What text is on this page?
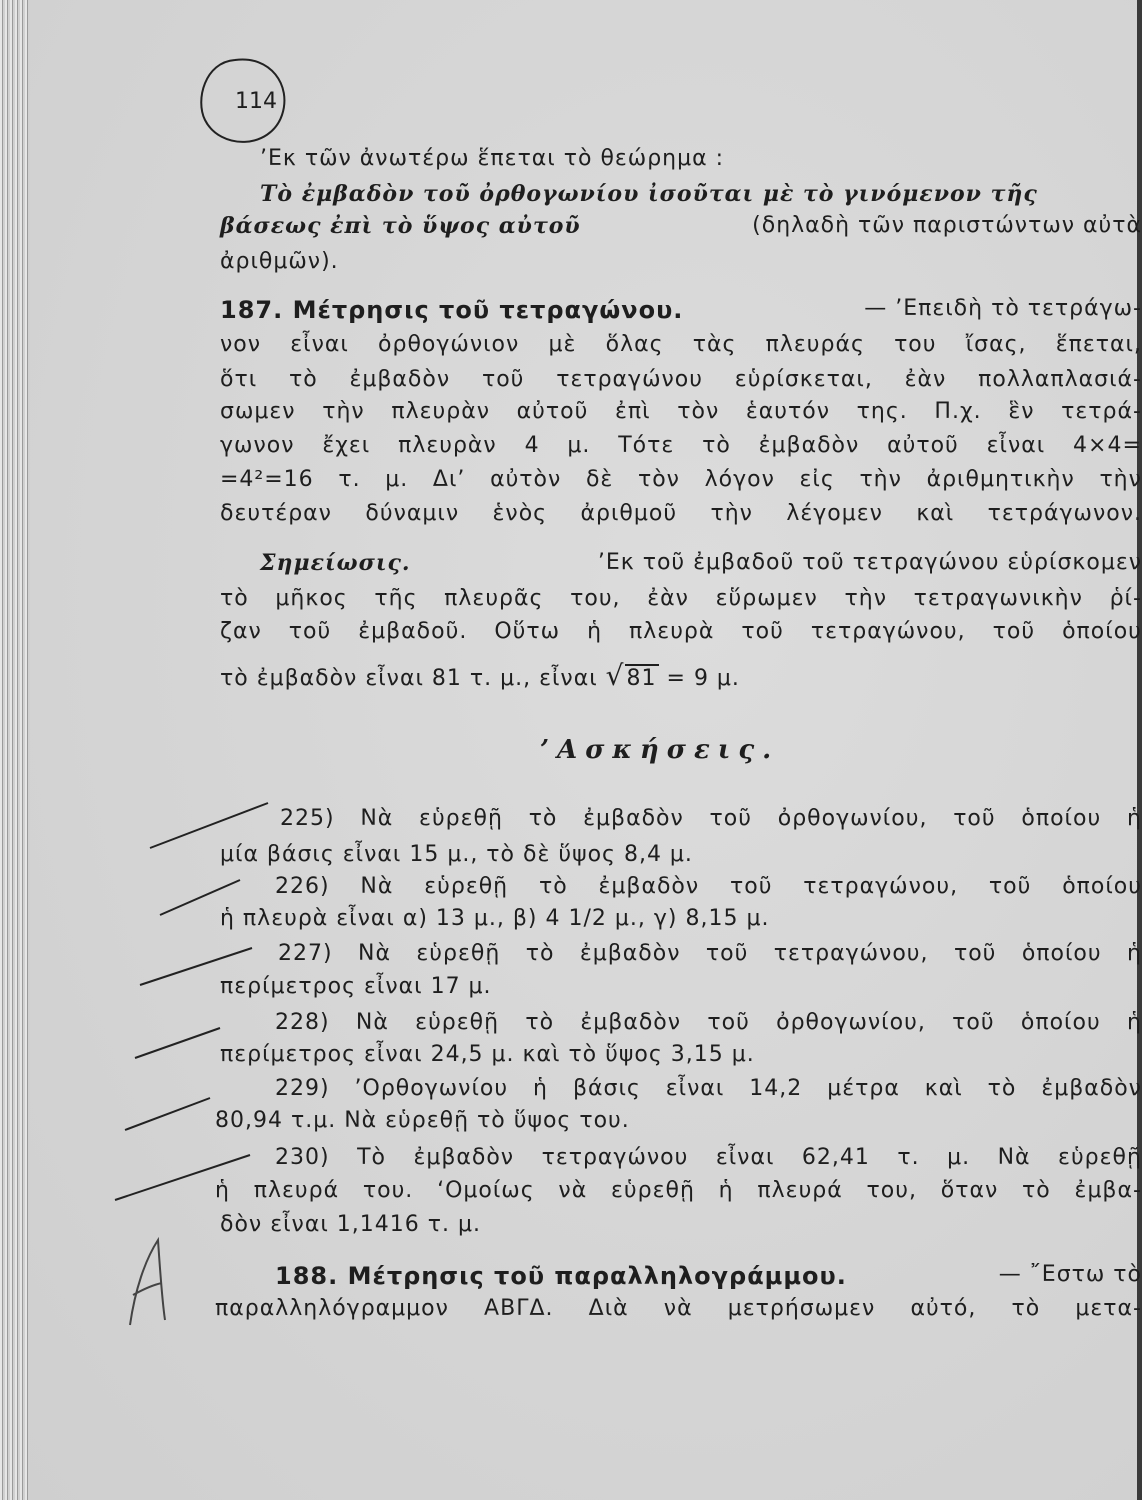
114
’Εκ τῶν ἀνωτέρω ἕπεται τὸ θεώρημα :
Τὸ ἐμβαδὸν τοῦ ὀρθογωνίου ἰσοῦται μὲ τὸ γινόμενον τῆς
βάσεως ἐπὶ τὸ ὕψος αὐτοῦ	(δηλαδὴ τῶν παριστώντων αὐτὰ
ἀριθμῶν).
187. Μέτρησις τοῦ τετραγώνου.	— ’Επειδὴ τὸ τετράγω-
νον εἶναι ὀρθογώνιον μὲ ὅλας τὰς πλευράς του ἴσας, ἕπεται,
ὅτι τὸ ἐμβαδὸν τοῦ τετραγώνου εὑρίσκεται, ἐὰν πολλαπλασιά-
σωμεν τὴν πλευρὰν αὐτοῦ ἐπὶ τὸν ἑαυτόν της. Π.χ. ἓν τετρά-
γωνον ἔχει πλευρὰν 4 μ. Τότε τὸ ἐμβαδὸν αὐτοῦ εἶναι 4×4=
=4²=16 τ. μ. Δι’ αὐτὸν δὲ τὸν λόγον εἰς τὴν ἀριθμητικὴν τὴν
δευτέραν δύναμιν ἑνὸς ἀριθμοῦ τὴν λέγομεν καὶ τετράγωνον.
Σημείωσις.	’Εκ τοῦ ἐμβαδοῦ τοῦ τετραγώνου εὑρίσκομεν
τὸ μῆκος τῆς πλευρᾶς του, ἐὰν εὕρωμεν τὴν τετραγωνικὴν ῥί-
ζαν τοῦ ἐμβαδοῦ. Οὕτω ἡ πλευρὰ τοῦ τετραγώνου, τοῦ ὁποίου
τὸ ἐμβαδὸν εἶναι 81 τ. μ., εἶναι √81 = 9 μ.
’Ασκήσεις.
225) Νὰ εὑρεθῇ τὸ ἐμβαδὸν τοῦ ὀρθογωνίου, τοῦ ὁποίου ἡ
μία βάσις εἶναι 15 μ., τὸ δὲ ὕψος 8,4 μ.
226) Νὰ εὑρεθῇ τὸ ἐμβαδὸν τοῦ τετραγώνου, τοῦ ὁποίου
ἡ πλευρὰ εἶναι α) 13 μ., β) 4 1/2 μ., γ) 8,15 μ.
227) Νὰ εὑρεθῇ τὸ ἐμβαδὸν τοῦ τετραγώνου, τοῦ ὁποίου ἡ
περίμετρος εἶναι 17 μ.
228) Νὰ εὑρεθῇ τὸ ἐμβαδὸν τοῦ ὀρθογωνίου, τοῦ ὁποίου ἡ
περίμετρος εἶναι 24,5 μ. καὶ τὸ ὕψος 3,15 μ.
229) ’Ορθογωνίου ἡ βάσις εἶναι 14,2 μέτρα καὶ τὸ ἐμβαδὸν
80,94 τ.μ. Νὰ εὑρεθῇ τὸ ὕψος του.
230) Τὸ ἐμβαδὸν τετραγώνου εἶναι 62,41 τ. μ. Νὰ εὑρεθῇ
ἡ πλευρά του. ‘Ομοίως νὰ εὑρεθῇ ἡ πλευρά του, ὅταν τὸ ἐμβα-
δὸν εἶναι 1,1416 τ. μ.
188. Μέτρησις τοῦ παραλληλογράμμου.	— ῎Εστω τὸ
παραλληλόγραμμον ΑΒΓΔ. Διὰ νὰ μετρήσωμεν αὐτό, τὸ μετα-
